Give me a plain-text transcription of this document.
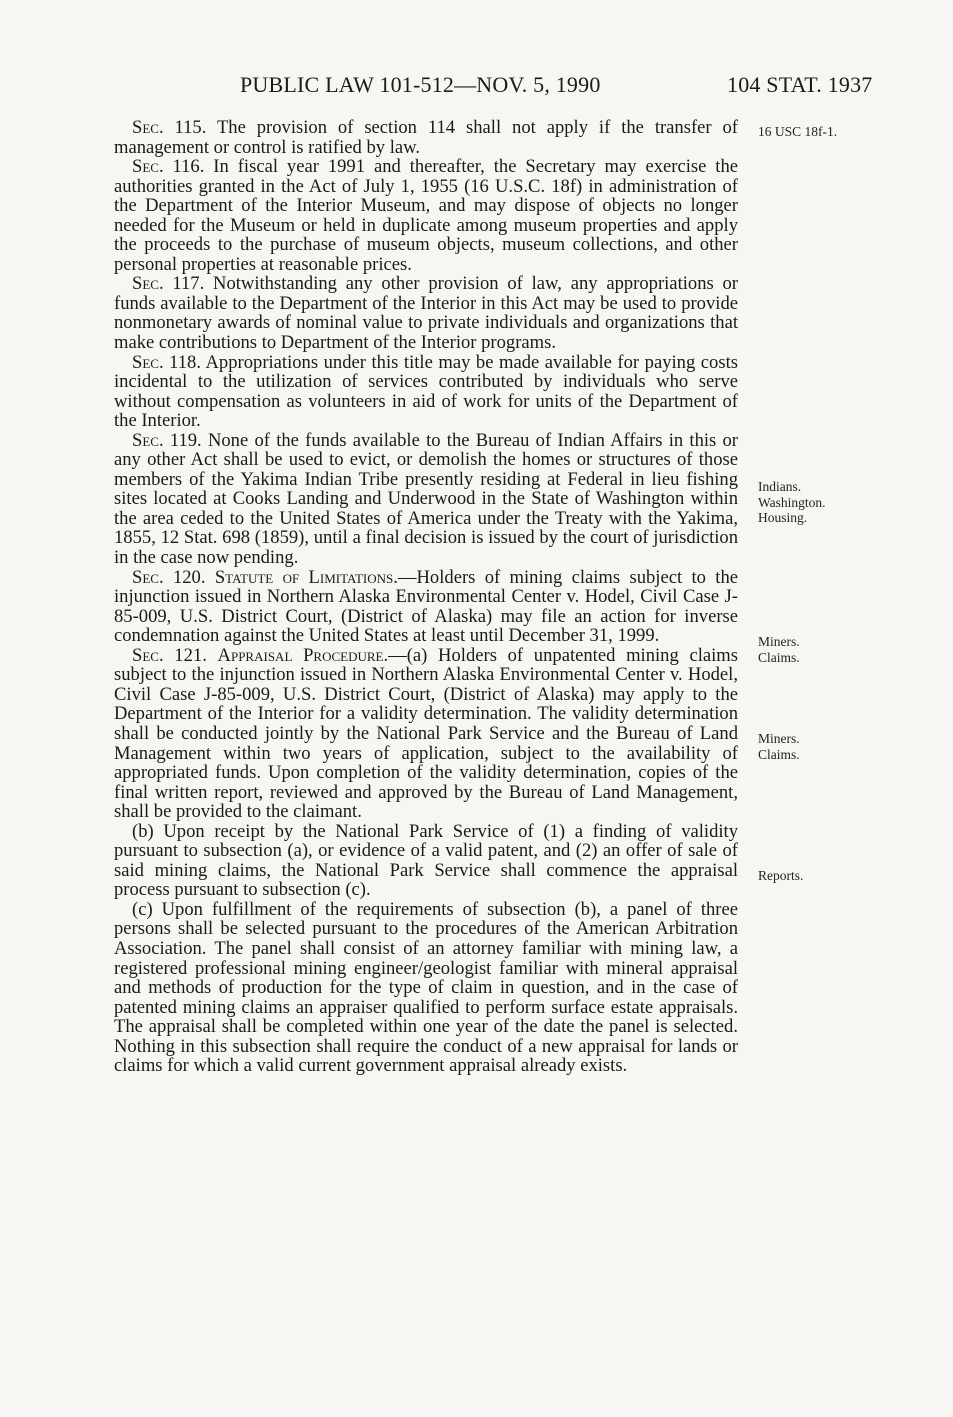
PUBLIC LAW 101-512—NOV. 5, 1990	104 STAT. 1937

Sec. 115. The provision of section 114 shall not apply if the transfer of management or control is ratified by law.

Sec. 116. In fiscal year 1991 and thereafter, the Secretary may exercise the authorities granted in the Act of July 1, 1955 (16 U.S.C. 18f) in administration of the Department of the Interior Museum, and may dispose of objects no longer needed for the Museum or held in duplicate among museum properties and apply the proceeds to the purchase of museum objects, museum collections, and other personal properties at reasonable prices.

Sec. 117. Notwithstanding any other provision of law, any appropriations or funds available to the Department of the Interior in this Act may be used to provide nonmonetary awards of nominal value to private individuals and organizations that make contributions to Department of the Interior programs.

Sec. 118. Appropriations under this title may be made available for paying costs incidental to the utilization of services contributed by individuals who serve without compensation as volunteers in aid of work for units of the Department of the Interior.

Sec. 119. None of the funds available to the Bureau of Indian Affairs in this or any other Act shall be used to evict, or demolish the homes or structures of those members of the Yakima Indian Tribe presently residing at Federal in lieu fishing sites located at Cooks Landing and Underwood in the State of Washington within the area ceded to the United States of America under the Treaty with the Yakima, 1855, 12 Stat. 698 (1859), until a final decision is issued by the court of jurisdiction in the case now pending.

Sec. 120. Statute of Limitations.—Holders of mining claims subject to the injunction issued in Northern Alaska Environmental Center v. Hodel, Civil Case J-85-009, U.S. District Court, (District of Alaska) may file an action for inverse condemnation against the United States at least until December 31, 1999.

Sec. 121. Appraisal Procedure.—(a) Holders of unpatented mining claims subject to the injunction issued in Northern Alaska Environmental Center v. Hodel, Civil Case J-85-009, U.S. District Court, (District of Alaska) may apply to the Department of the Interior for a validity determination. The validity determination shall be conducted jointly by the National Park Service and the Bureau of Land Management within two years of application, subject to the availability of appropriated funds. Upon completion of the validity determination, copies of the final written report, reviewed and approved by the Bureau of Land Management, shall be provided to the claimant.

(b) Upon receipt by the National Park Service of (1) a finding of validity pursuant to subsection (a), or evidence of a valid patent, and (2) an offer of sale of said mining claims, the National Park Service shall commence the appraisal process pursuant to subsection (c).

(c) Upon fulfillment of the requirements of subsection (b), a panel of three persons shall be selected pursuant to the procedures of the American Arbitration Association. The panel shall consist of an attorney familiar with mining law, a registered professional mining engineer/geologist familiar with mineral appraisal and methods of production for the type of claim in question, and in the case of patented mining claims an appraiser qualified to perform surface estate appraisals. The appraisal shall be completed within one year of the date the panel is selected. Nothing in this subsection shall require the conduct of a new appraisal for lands or claims for which a valid current government appraisal already exists.

16 USC 18f-1.
Indians.
Washington.
Housing.
Miners.
Claims.
Miners.
Claims.
Reports.
